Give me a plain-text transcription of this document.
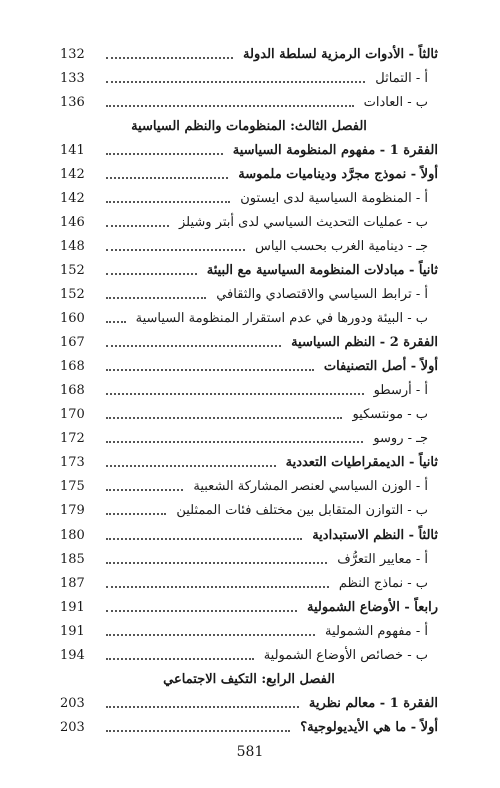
ثالثاً - الأدوات الرمزية لسلطة الدولة
132
أ - التماثل
133
ب - العادات
136
الفصل الثالث: المنظومات والنظم السياسية
الفقرة 1 - مفهوم المنظومة السياسية
141
أولاً - نموذج مجرَّد وديناميات ملموسة
142
أ - المنظومة السياسية لدى ايستون
142
ب - عمليات التحديث السياسي لدى أبتر وشيلز
146
جـ - دينامية الغرب بحسب الياس
148
ثانياً - مبادلات المنظومة السياسية مع البيئة
152
أ - ترابط السياسي والاقتصادي والثقافي
152
ب - البيئة ودورها في عدم استقرار المنظومة السياسية
160
الفقرة 2 - النظم السياسية
167
أولاً - أصل التصنيفات
168
أ - أرسطو
168
ب - مونتسكيو
170
جـ - روسو
172
ثانياً - الديمقراطيات التعددية
173
أ - الوزن السياسي لعنصر المشاركة الشعبية
175
ب - التوازن المتقابل بين مختلف فئات الممثلين
179
ثالثاً - النظم الاستبدادية
180
أ - معايير التعرُّف
185
ب - نماذج النظم
187
رابعاً - الأوضاع الشمولية
191
أ - مفهوم الشمولية
191
ب - خصائص الأوضاع الشمولية
194
الفصل الرابع: التكيف الاجتماعي
الفقرة 1 - معالم نظرية
203
أولاً - ما هي الأيديولوجية؟
203
581
